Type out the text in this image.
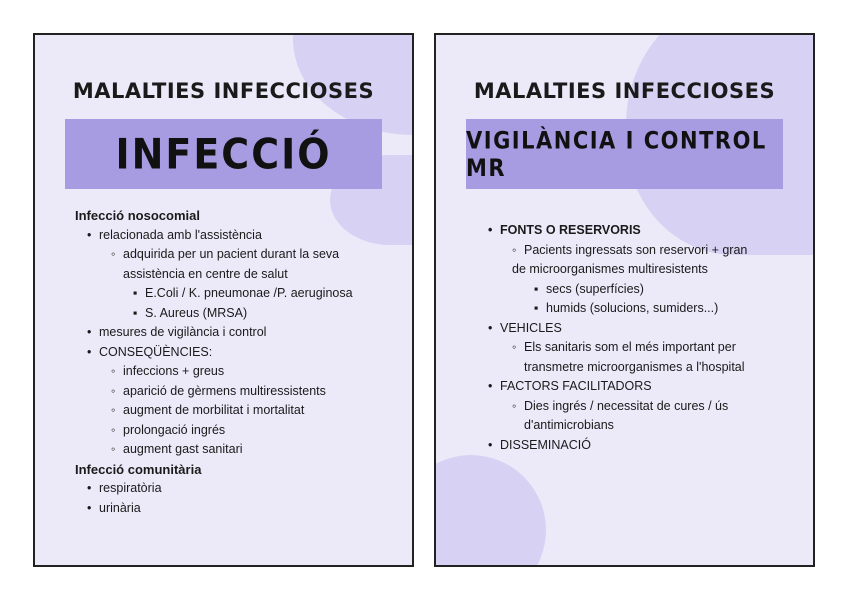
MALALTIES INFECCIOSES
INFECCIÓ
Infecció nosocomial
• relacionada amb l'assistència
◦ adquirida per un pacient durant la seva
assistència en centre de salut
▪ E.Coli / K. pneumonae /P. aeruginosa
▪ S. Aureus (MRSA)
• mesures de vigilància i control
• CONSEQÜÈNCIES:
◦ infeccions + greus
◦ aparició de gèrmens multiressistents
◦ augment de morbilitat i mortalitat
◦ prolongació ingrés
◦ augment gast sanitari
Infecció comunitària
• respiratòria
• urinària
MALALTIES INFECCIOSES
VIGILÀNCIA I CONTROL MR
• FONTS O RESERVORIS
◦ Pacients ingressats son reservori + gran
de microorganismes multiresistents
▪ secs (superfícies)
▪ humids (solucions, sumiders...)
• VEHICLES
◦ Els sanitaris som el més important per
transmetre microorganismes a l'hospital
• FACTORS FACILITADORS
◦ Dies ingrés / necessitat de cures / ús
d'antimicrobians
• DISSEMINACIÓ
